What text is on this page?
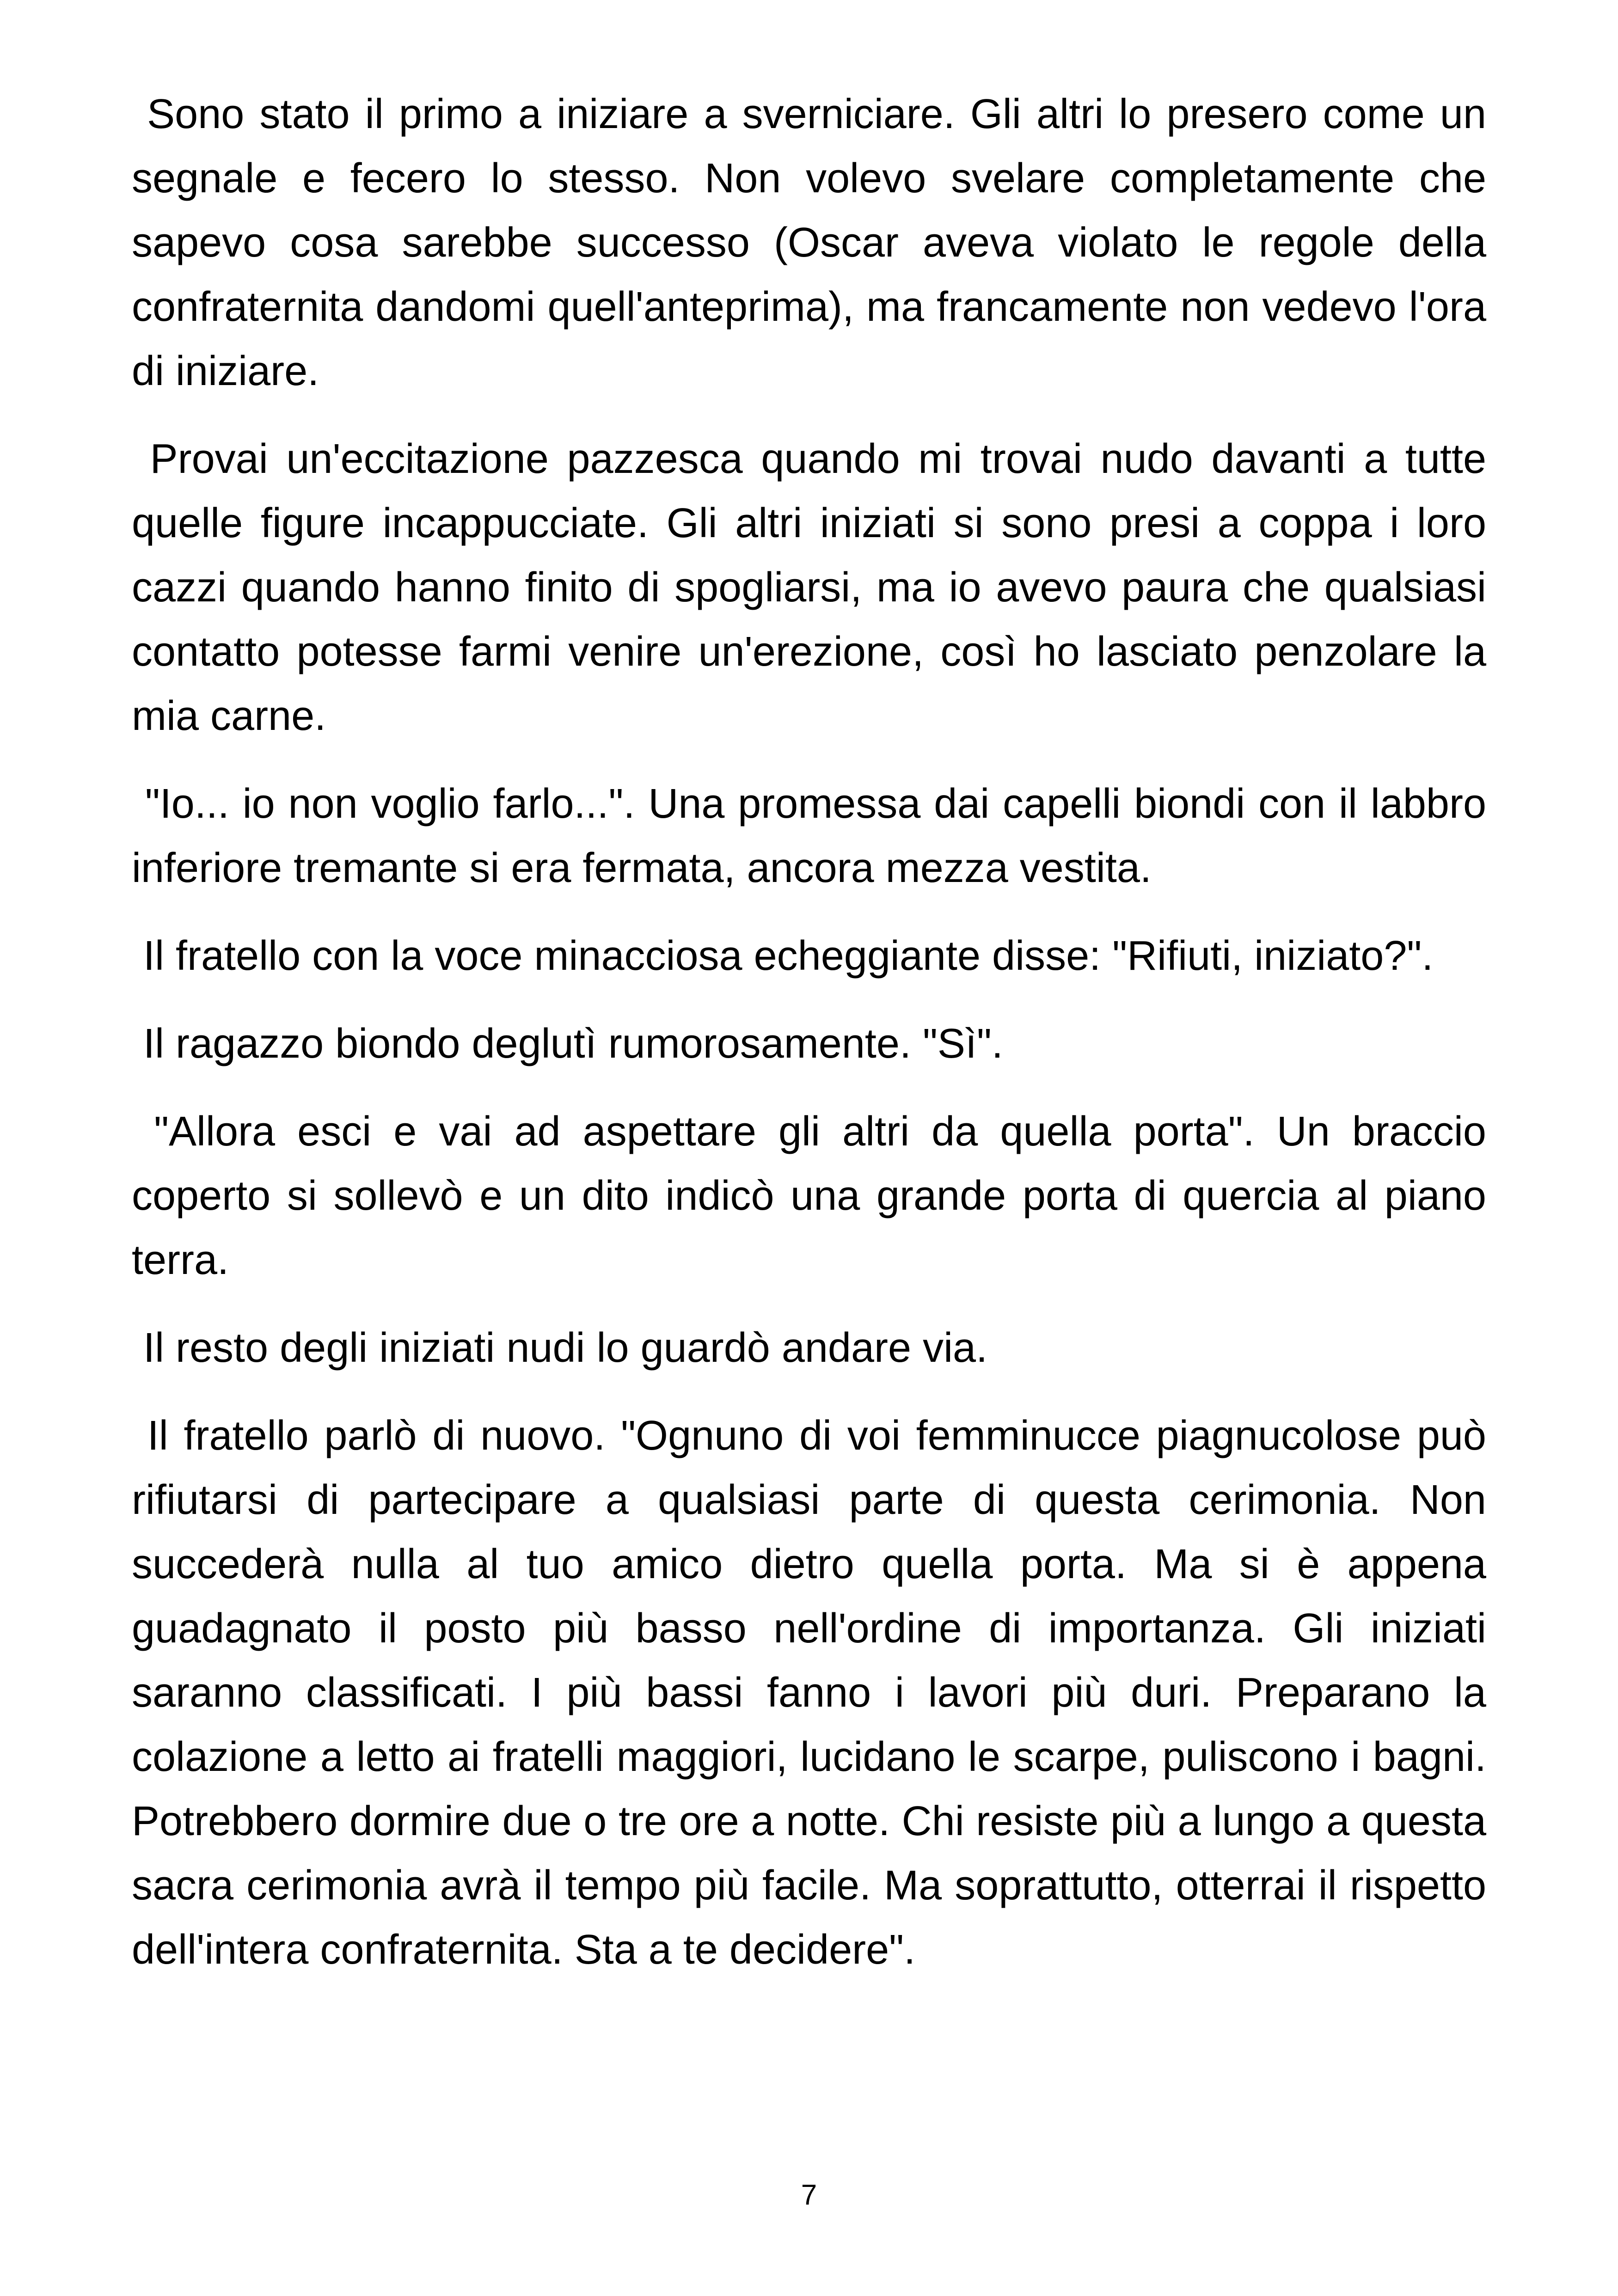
Sono stato il primo a iniziare a sverniciare. Gli altri lo presero come un segnale e fecero lo stesso. Non volevo svelare completamente che sapevo cosa sarebbe successo (Oscar aveva violato le regole della confraternita dandomi quell'anteprima), ma francamente non vedevo l'ora di iniziare.

Provai un'eccitazione pazzesca quando mi trovai nudo davanti a tutte quelle figure incappucciate. Gli altri iniziati si sono presi a coppa i loro cazzi quando hanno finito di spogliarsi, ma io avevo paura che qualsiasi contatto potesse farmi venire un'erezione, così ho lasciato penzolare la mia carne.

"Io... io non voglio farlo...". Una promessa dai capelli biondi con il labbro inferiore tremante si era fermata, ancora mezza vestita.

Il fratello con la voce minacciosa echeggiante disse: "Rifiuti, iniziato?".

Il ragazzo biondo deglutì rumorosamente. "Sì".

"Allora esci e vai ad aspettare gli altri da quella porta". Un braccio coperto si sollevò e un dito indicò una grande porta di quercia al piano terra.

Il resto degli iniziati nudi lo guardò andare via.

Il fratello parlò di nuovo. "Ognuno di voi femminucce piagnucolose può rifiutarsi di partecipare a qualsiasi parte di questa cerimonia. Non succederà nulla al tuo amico dietro quella porta. Ma si è appena guadagnato il posto più basso nell'ordine di importanza. Gli iniziati saranno classificati. I più bassi fanno i lavori più duri. Preparano la colazione a letto ai fratelli maggiori, lucidano le scarpe, puliscono i bagni. Potrebbero dormire due o tre ore a notte. Chi resiste più a lungo a questa sacra cerimonia avrà il tempo più facile. Ma soprattutto, otterrai il rispetto dell'intera confraternita. Sta a te decidere".

7
